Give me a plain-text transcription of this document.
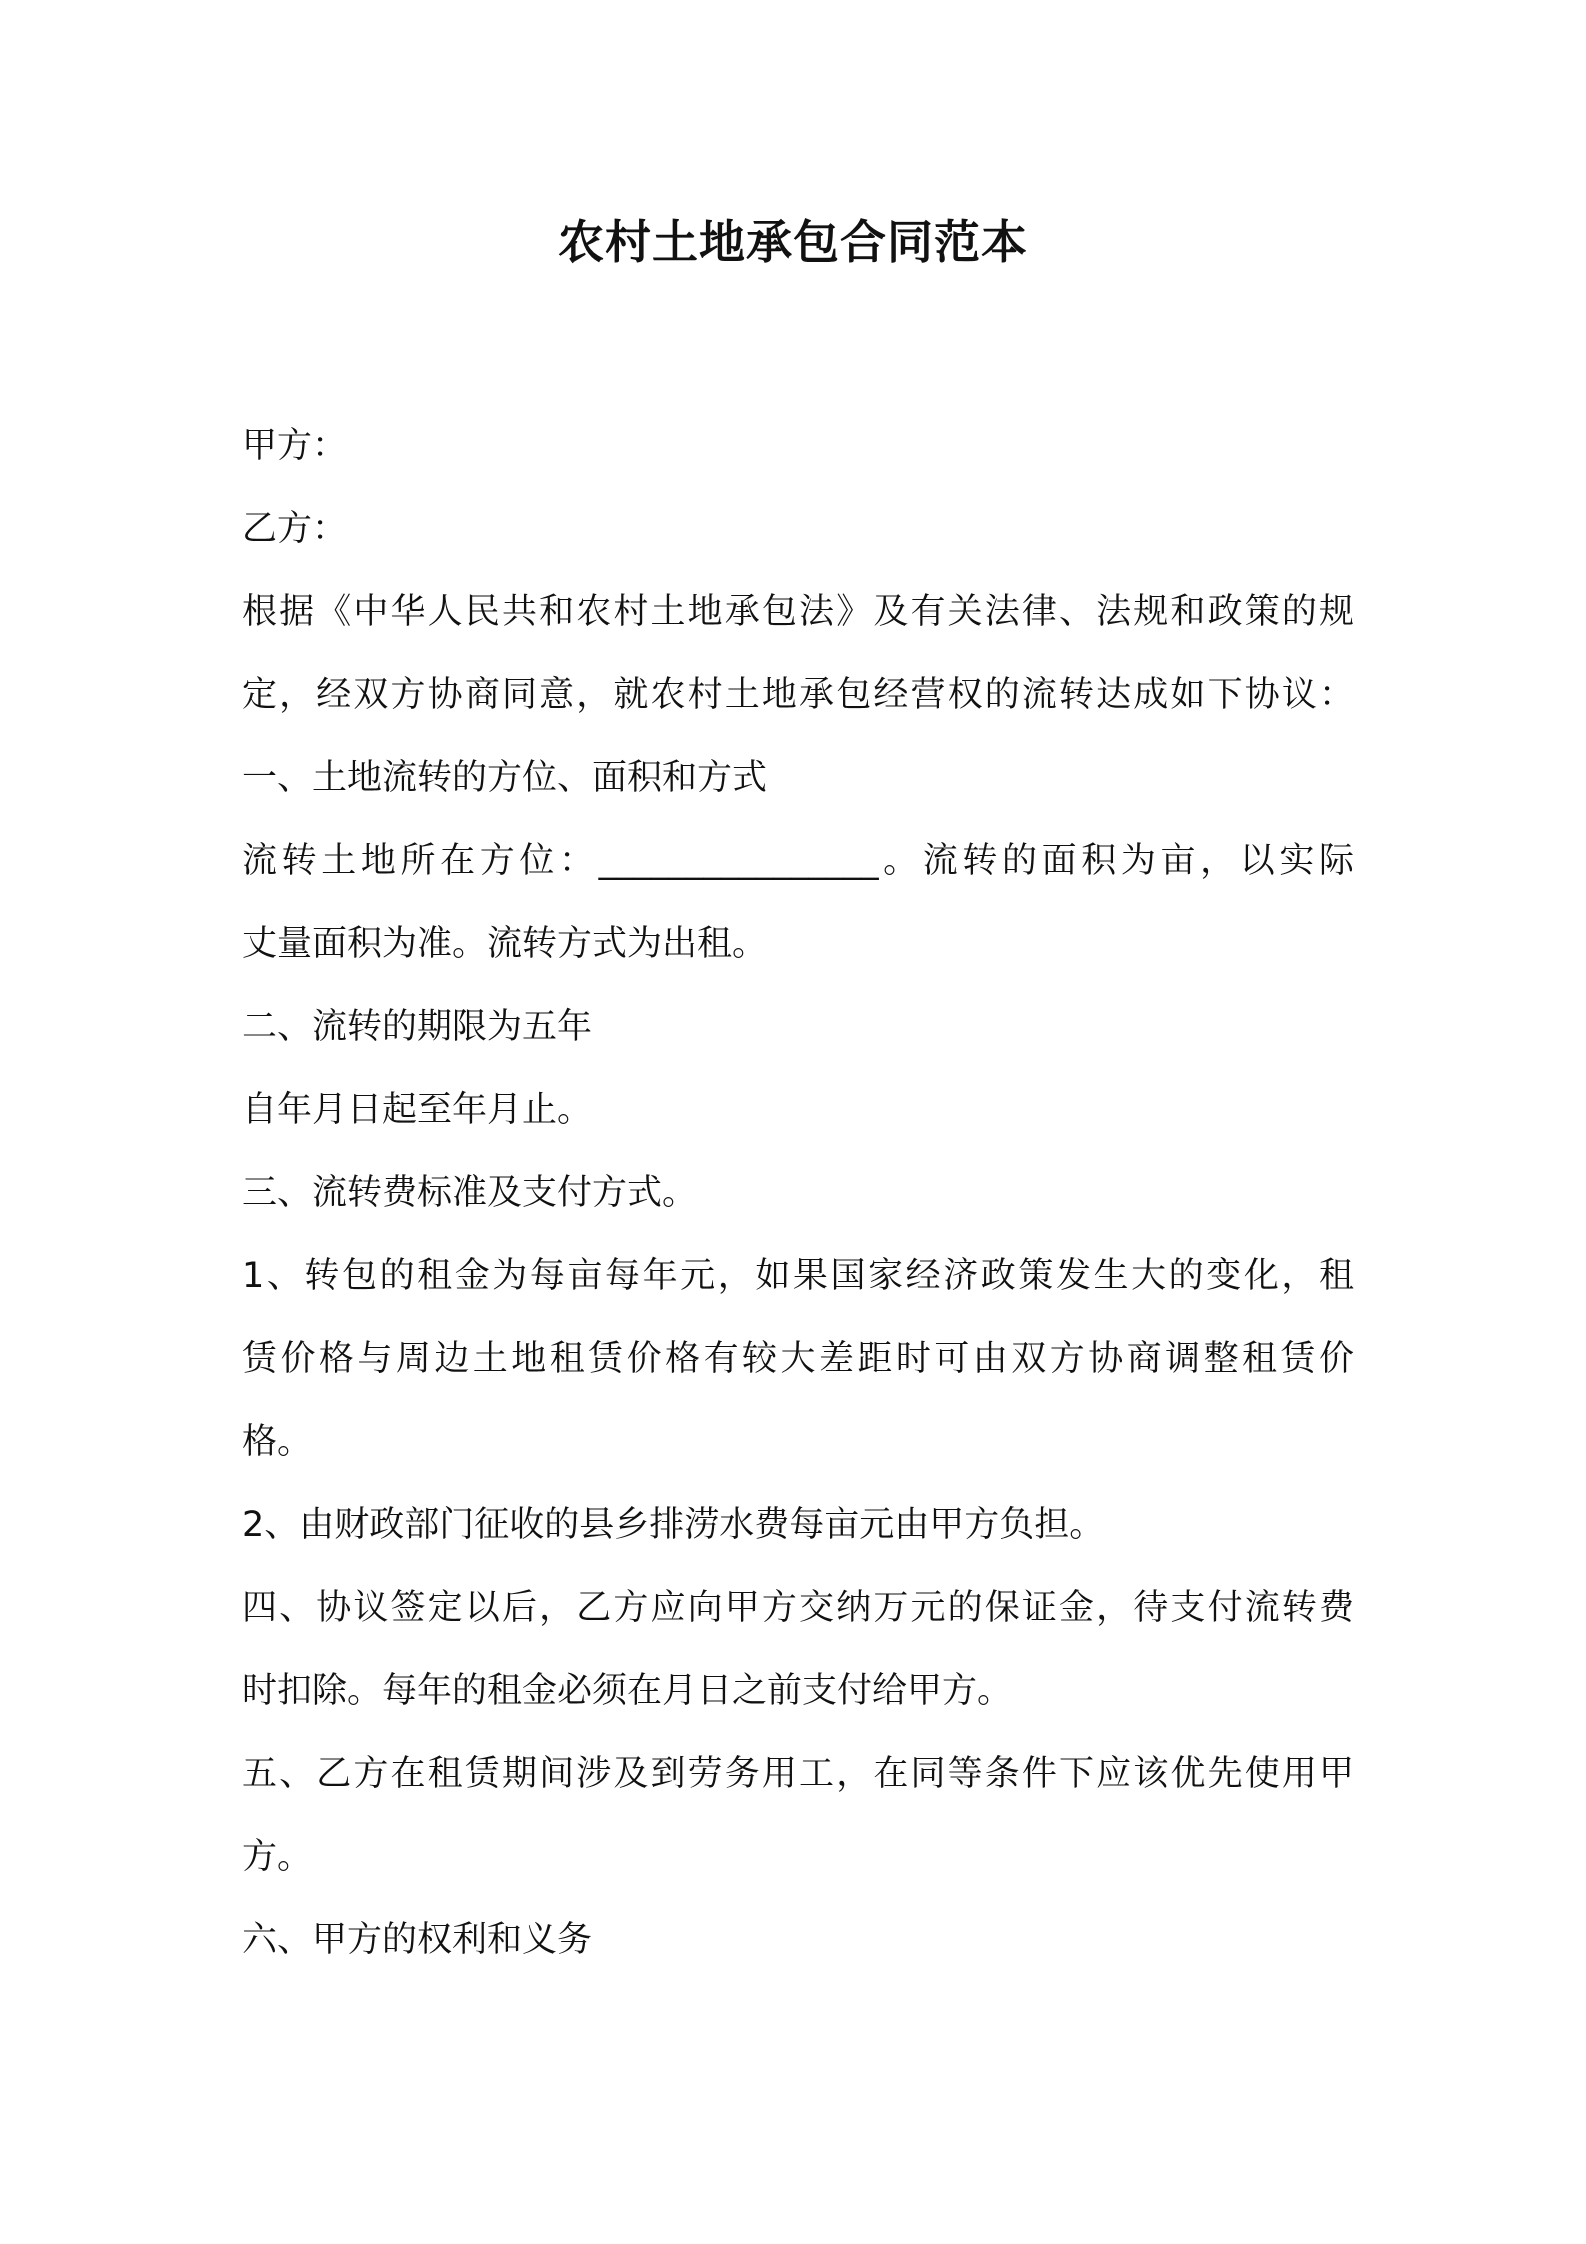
农村土地承包合同范本
甲方：
乙方：
根据《中华人民共和农村土地承包法》及有关法律、法规和政策的规
定，经双方协商同意，就农村土地承包经营权的流转达成如下协议：
一、土地流转的方位、面积和方式
流转土地所在方位：________________。流转的面积为亩，以实际
丈量面积为准。流转方式为出租。
二、流转的期限为五年
自年月日起至年月止。
三、流转费标准及支付方式。
1、转包的租金为每亩每年元，如果国家经济政策发生大的变化，租
赁价格与周边土地租赁价格有较大差距时可由双方协商调整租赁价
格。
2、由财政部门征收的县乡排涝水费每亩元由甲方负担。
四、协议签定以后，乙方应向甲方交纳万元的保证金，待支付流转费
时扣除。每年的租金必须在月日之前支付给甲方。
五、乙方在租赁期间涉及到劳务用工，在同等条件下应该优先使用甲
方。
六、甲方的权利和义务
